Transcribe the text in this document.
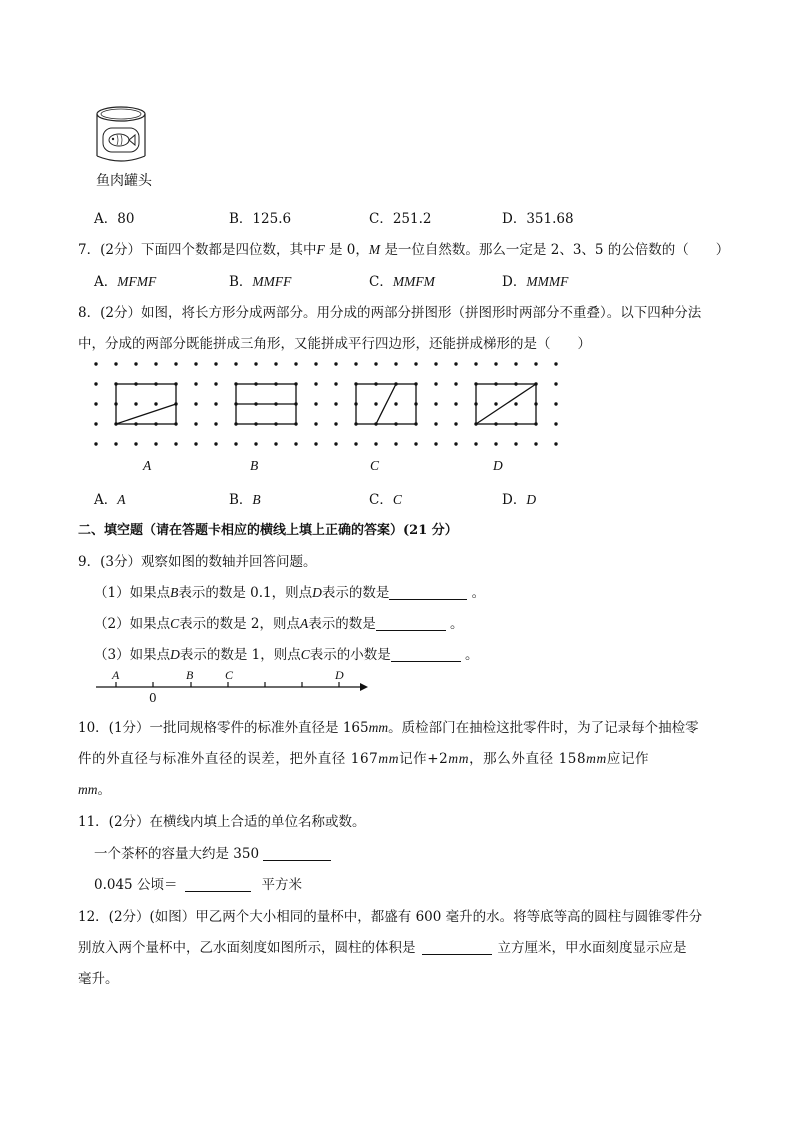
鱼肉罐头
A．80	B．125.6	C．251.2	D．351.68
7．(2分）下面四个数都是四位数，其中F 是 0，M 是一位自然数。那么一定是 2、3、5 的公倍数的（　　）
A．MFMF	B．MMFF	C．MMFM	D．MMMF
8．(2分）如图，将长方形分成两部分。用分成的两部分拼图形（拼图形时两部分不重叠）。以下四种分法
中，分成的两部分既能拼成三角形，又能拼成平行四边形，还能拼成梯形的是（　　）
A	B	C	D
A．A	B．B	C．C	D．D
二、填空题（请在答题卡相应的横线上填上正确的答案）(21 分）
9．(3分）观察如图的数轴并回答问题。
（1）如果点B表示的数是 0.1，则点D表示的数是	。
（2）如果点C表示的数是 2，则点A表示的数是	。
（3）如果点D表示的数是 1，则点C表示的小数是	。
A	B	C	D
0
10．(1分）一批同规格零件的标准外直径是 165mm。质检部门在抽检这批零件时，为了记录每个抽检零
件的外直径与标准外直径的误差，把外直径 167mm记作+2mm，那么外直径 158mm应记作
mm。
11．(2分）在横线内填上合适的单位名称或数。
一个茶杯的容量大约是 350
0.045 公顷＝	平方米
12．(2分）(如图）甲乙两个大小相同的量杯中，都盛有 600 毫升的水。将等底等高的圆柱与圆锥零件分
别放入两个量杯中，乙水面刻度如图所示，圆柱的体积是	立方厘米，甲水面刻度显示应是
毫升。
